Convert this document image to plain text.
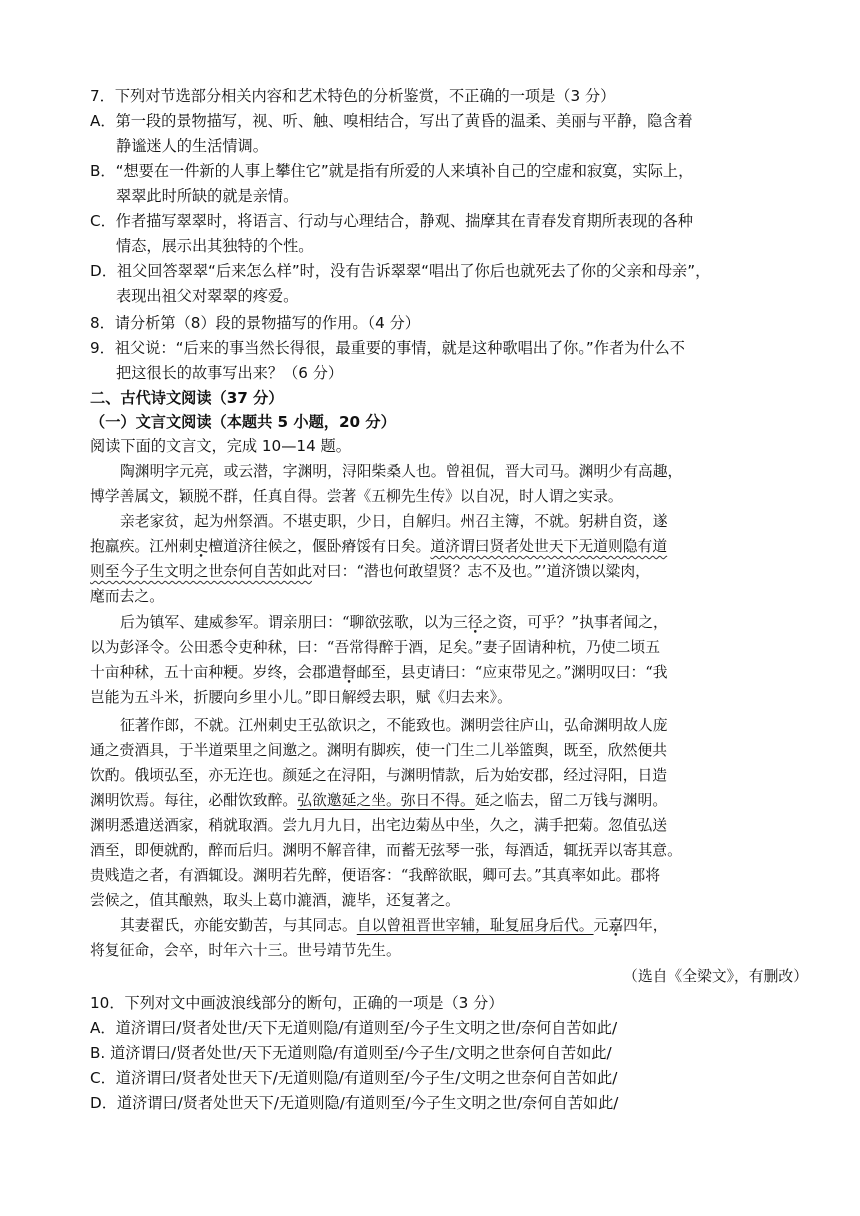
7．下列对节选部分相关内容和艺术特色的分析鉴赏，不正确的一项是（3 分）
A．第一段的景物描写，视、听、触、嗅相结合，写出了黄昏的温柔、美丽与平静，隐含着
静谧迷人的生活情调。
B．“想要在一件新的人事上攀住它”就是指有所爱的人来填补自己的空虚和寂寞，实际上，
翠翠此时所缺的就是亲情。
C．作者描写翠翠时，将语言、行动与心理结合，静观、揣摩其在青春发育期所表现的各种
情态，展示出其独特的个性。
D．祖父回答翠翠“后来怎么样”时，没有告诉翠翠“唱出了你后也就死去了你的父亲和母亲”，
表现出祖父对翠翠的疼爱。
8．请分析第（8）段的景物描写的作用。（4 分）
9．祖父说：“后来的事当然长得很，最重要的事情，就是这种歌唱出了你。”作者为什么不
把这很长的故事写出来？（6 分）
二、古代诗文阅读（37 分）
（一）文言文阅读（本题共 5 小题，20 分）
阅读下面的文言文，完成 10—14 题。
陶渊明字元亮，或云潜，字渊明，浔阳柴桑人也。曾祖侃，晋大司马。渊明少有高趣，
博学善属文，颖脱不群，任真自得。尝著《五柳先生传》以自况，时人谓之实录。
亲老家贫，起为州祭酒。不堪吏职，少日，自解归。州召主簿，不就。躬耕自资，遂
抱羸疾。江州刺史檀道济往候之，偃卧瘠馁有日矣。道济谓曰贤者处世天下无道则隐有道
则至今子生文明之世奈何自苦如此对曰：“潜也何敢望贤？志不及也。”’道济馈以粱肉，
麾而去之。
后为镇军、建威参军。谓亲朋曰：“聊欲弦歌，以为三径之资，可乎？”执事者闻之，
以为彭泽令。公田悉令吏种秫，曰：“吾常得醉于酒，足矣。”妻子固请种杭，乃使二顷五
十亩种秫，五十亩种粳。岁终，会郡遣督邮至，县吏请曰：“应束带见之。”渊明叹曰：“我
岂能为五斗米，折腰向乡里小儿。”即日解绶去职，赋《归去来》。
征著作郎，不就。江州刺史王弘欲识之，不能致也。渊明尝往庐山，弘命渊明故人庞
通之赍酒具，于半道栗里之间邀之。渊明有脚疾，使一门生二儿举篮舆，既至，欣然便共
饮酌。俄顷弘至，亦无迕也。颜延之在浔阳，与渊明情款，后为始安郡，经过浔阳，日造
渊明饮焉。每往，必酣饮致醉。弘欲邀延之坐。弥日不得。延之临去，留二万钱与渊明。
渊明悉遣送酒家，稍就取酒。尝九月九日，出宅边菊丛中坐，久之，满手把菊。忽值弘送
酒至，即便就酌，醉而后归。渊明不解音律，而蓄无弦琴一张，每酒适，辄抚弄以寄其意。
贵贱造之者，有酒辄设。渊明若先醉，便语客：“我醉欲眠，卿可去。”其真率如此。郡将
尝候之，值其酿熟，取头上葛巾漉酒，漉毕，还复著之。
其妻翟氏，亦能安勤苦，与其同志。自以曾祖晋世宰辅，耻复屈身后代。元嘉四年，
将复征命，会卒，时年六十三。世号靖节先生。
（选自《全梁文》，有删改）
10．下列对文中画波浪线部分的断句，正确的一项是（3 分）
A．道济谓曰/贤者处世/天下无道则隐/有道则至/今子生文明之世/奈何自苦如此/
B. 道济谓曰/贤者处世/天下无道则隐/有道则至/今子生/文明之世奈何自苦如此/
C．道济谓曰/贤者处世天下/无道则隐/有道则至/今子生/文明之世奈何自苦如此/
D．道济谓曰/贤者处世天下/无道则隐/有道则至/今子生文明之世/奈何自苦如此/
